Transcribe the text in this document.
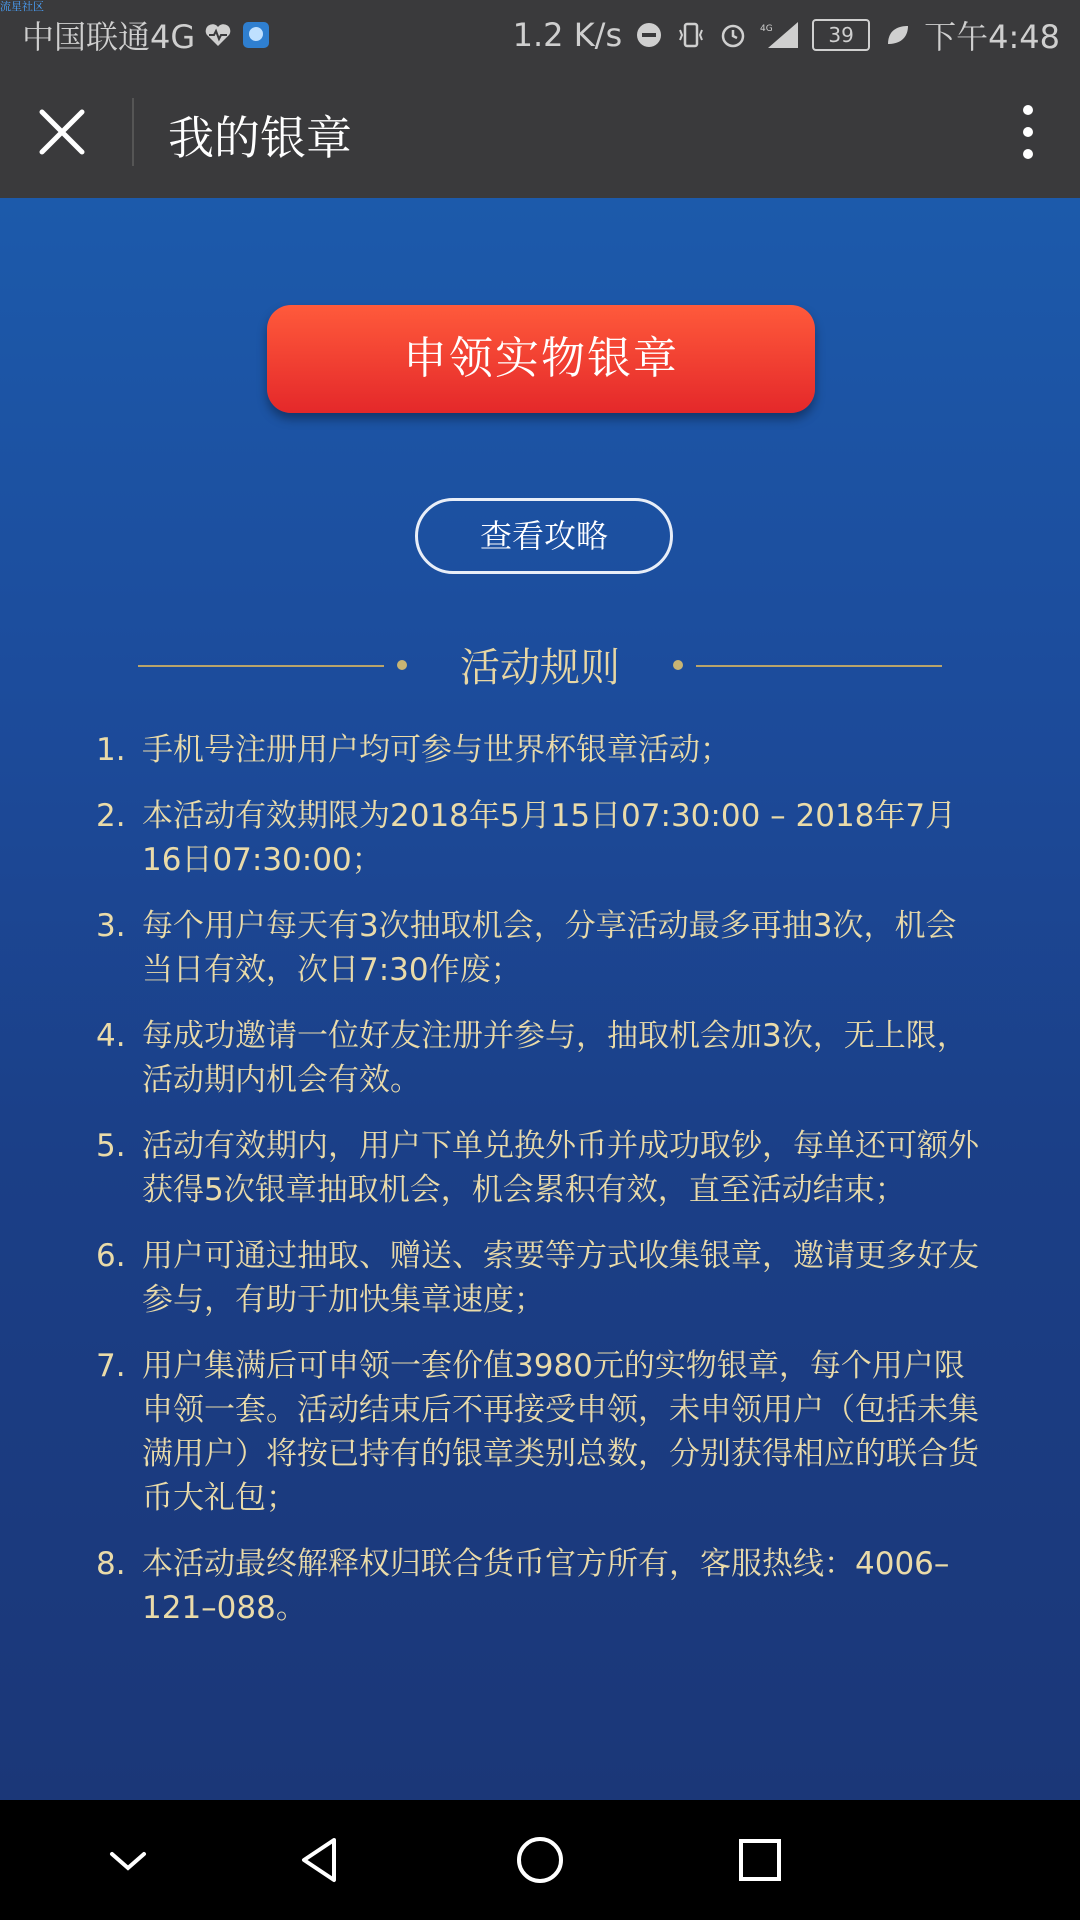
流星社区
中国联通4G	1.2 K/s	4G	39	下午4:48
我的银章
申领实物银章
查看攻略
活动规则
1. 手机号注册用户均可参与世界杯银章活动；
2. 本活动有效期限为2018年5月15日07:30:00 – 2018年7月16日07:30:00；
3. 每个用户每天有3次抽取机会，分享活动最多再抽3次，机会当日有效，次日7:30作废；
4. 每成功邀请一位好友注册并参与，抽取机会加3次，无上限，活动期内机会有效。
5. 活动有效期内，用户下单兑换外币并成功取钞，每单还可额外获得5次银章抽取机会，机会累积有效，直至活动结束；
6. 用户可通过抽取、赠送、索要等方式收集银章，邀请更多好友参与，有助于加快集章速度；
7. 用户集满后可申领一套价值3980元的实物银章，每个用户限申领一套。活动结束后不再接受申领，未申领用户（包括未集满用户）将按已持有的银章类别总数，分别获得相应的联合货币大礼包；
8. 本活动最终解释权归联合货币官方所有，客服热线：4006–121–088。
